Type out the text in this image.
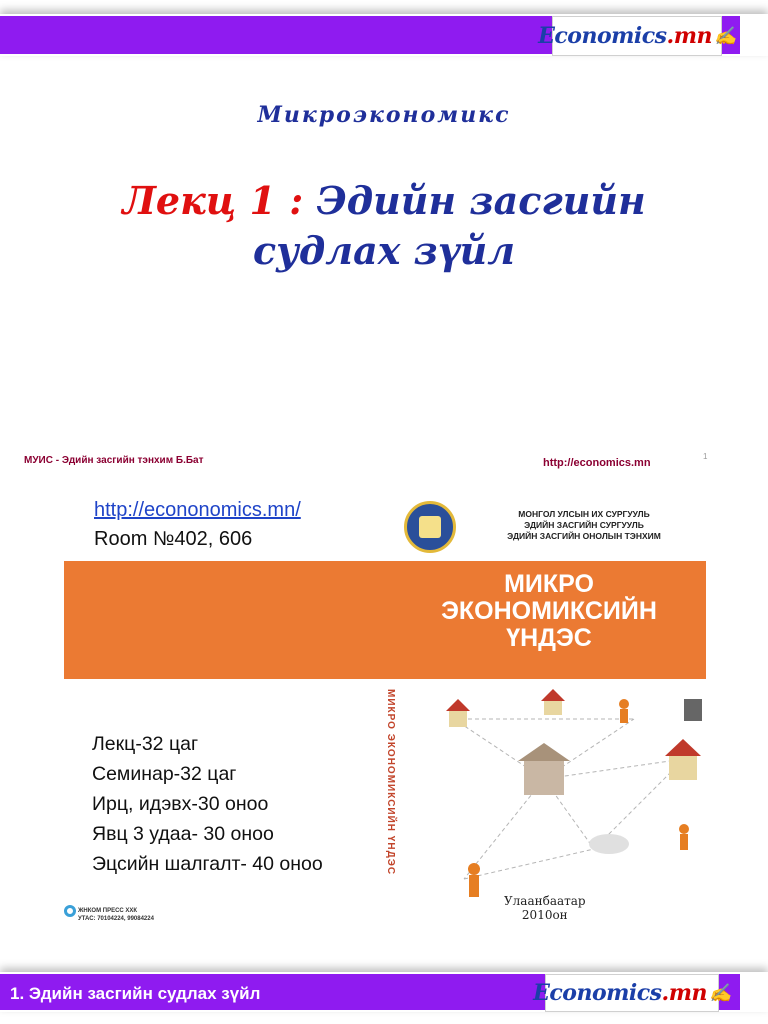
Economics .mn ✍
Микроэкономикс
Лекц 1 : Эдийн засгийн судлах зүйл
МУИС - Эдийн засгийн тэнхим Б.Бат	http://economics.mn
1
http://econonomics.mn/
Room №402, 606
МОНГОЛ УЛСЫН ИХ СУРГУУЛЬ
ЭДИЙН ЗАСГИЙН СУРГУУЛЬ
ЭДИЙН ЗАСГИЙН ОНОЛЫН ТЭНХИМ
МИКРО
ЭКОНОМИКСИЙН
ҮНДЭС
МИКРО ЭКОНОМИКСИЙН ҮНДЭС
Лекц-32 цаг
Семинар-32 цаг
Ирц, идэвх-30 оноо
Явц 3 удаа- 30 оноо
Эцсийн шалгалт- 40 оноо
Улаанбаатар
2010он
ЖНКОМ ПРЕСС ХХК
УТАС: 70104224, 99084224
1. Эдийн засгийн судлах зүйл	Economics .mn ✍
